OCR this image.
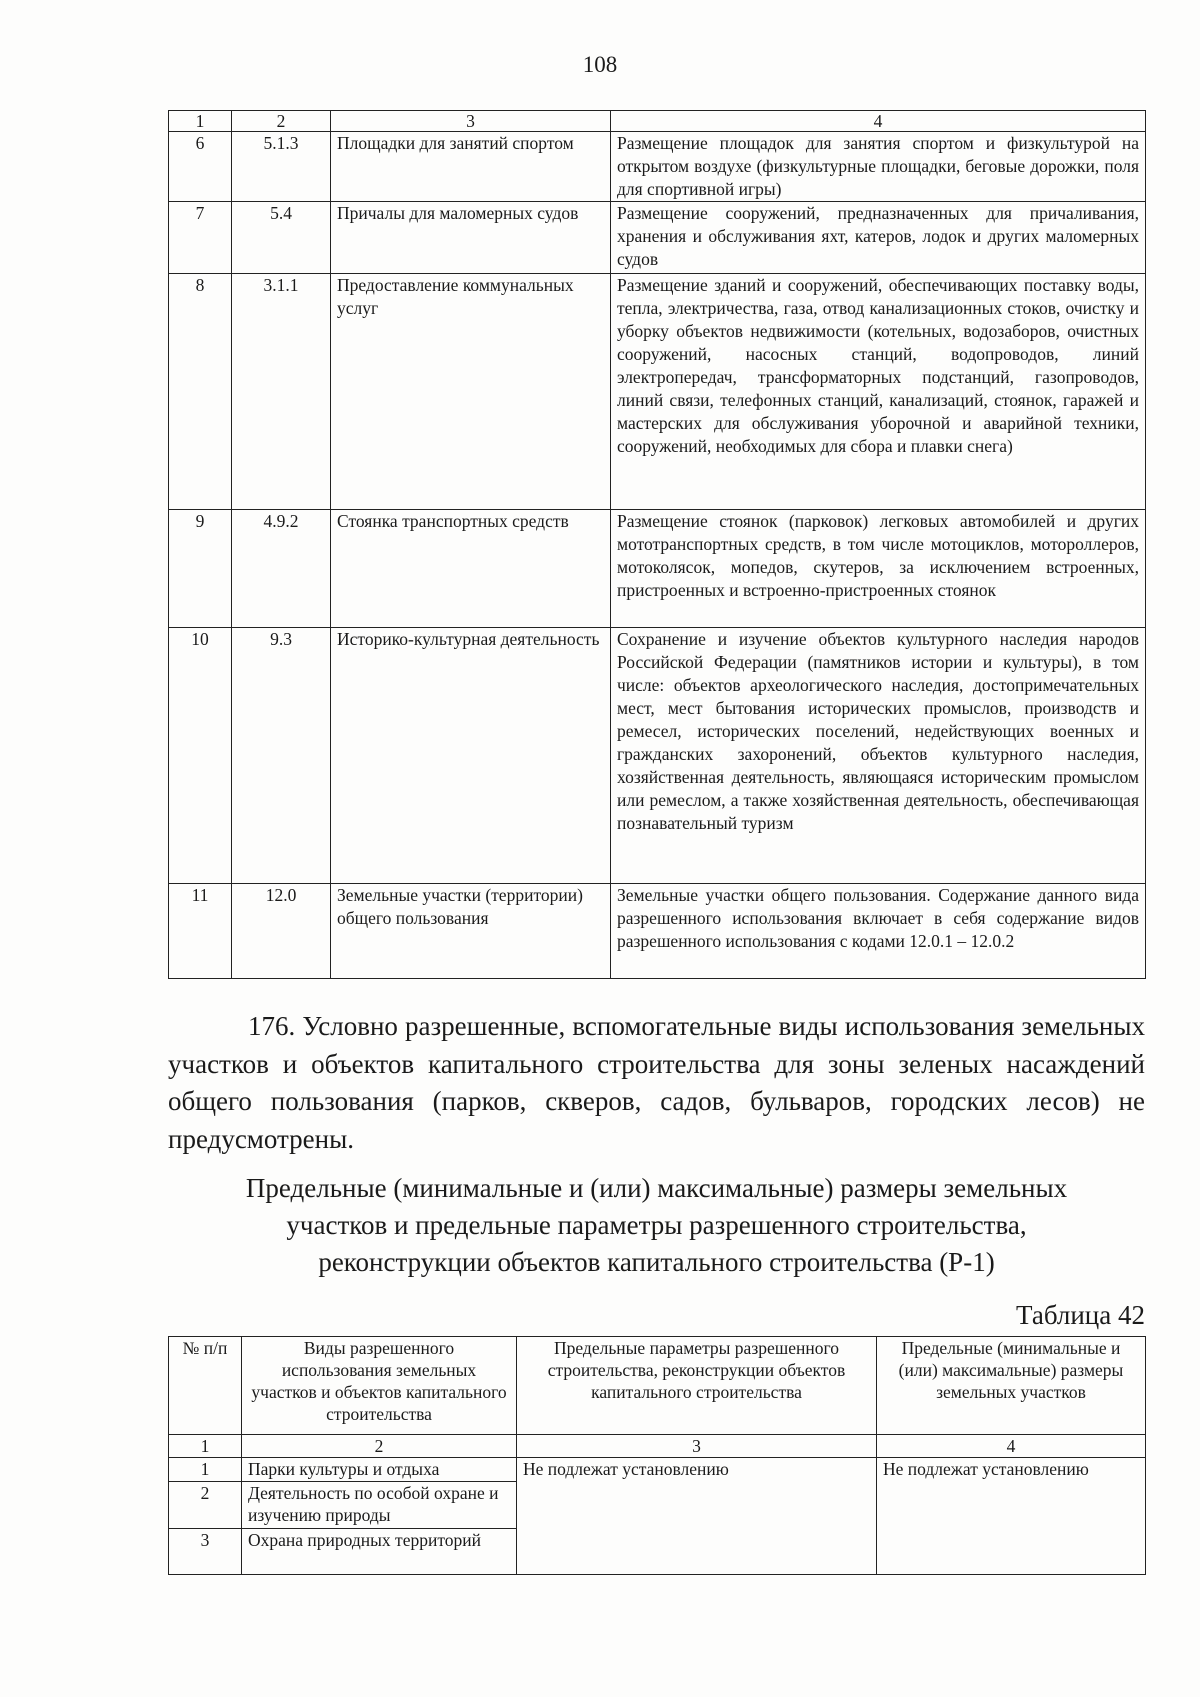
108
1	2	3	4
6	5.1.3	Площадки для занятий спортом	Размещение площадок для занятия спортом и физкультурой на открытом воздухе (физкультурные площадки, беговые дорожки, поля для спортивной игры)
7	5.4	Причалы для маломерных судов	Размещение сооружений, предназначенных для причаливания, хранения и обслуживания яхт, катеров, лодок и других маломерных судов
8	3.1.1	Предоставление коммунальных услуг	Размещение зданий и сооружений, обеспечивающих поставку воды, тепла, электричества, газа, отвод канализационных стоков, очистку и уборку объектов недвижимости (котельных, водозаборов, очистных сооружений, насосных станций, водопроводов, линий электропередач, трансформаторных подстанций, газопроводов, линий связи, телефонных станций, канализаций, стоянок, гаражей и мастерских для обслуживания уборочной и аварийной техники, сооружений, необходимых для сбора и плавки снега)
9	4.9.2	Стоянка транспортных средств	Размещение стоянок (парковок) легковых автомобилей и других мототранспортных средств, в том числе мотоциклов, мотороллеров, мотоколясок, мопедов, скутеров, за исключением встроенных, пристроенных и встроенно-пристроенных стоянок
10	9.3	Историко-культурная деятельность	Сохранение и изучение объектов культурного наследия народов Российской Федерации (памятников истории и культуры), в том числе: объектов археологического наследия, достопримечательных мест, мест бытования исторических промыслов, производств и ремесел, исторических поселений, недействующих военных и гражданских захоронений, объектов культурного наследия, хозяйственная деятельность, являющаяся историческим промыслом или ремеслом, а также хозяйственная деятельность, обеспечивающая познавательный туризм
11	12.0	Земельные участки (территории) общего пользования	Земельные участки общего пользования. Содержание данного вида разрешенного использования включает в себя содержание видов разрешенного использования с кодами 12.0.1 – 12.0.2

176. Условно разрешенные, вспомогательные виды использования земельных участков и объектов капитального строительства для зоны зеленых насаждений общего пользования (парков, скверов, садов, бульваров, городских лесов) не предусмотрены.

Предельные (минимальные и (или) максимальные) размеры земельных
участков и предельные параметры разрешенного строительства,
реконструкции объектов капитального строительства (Р-1)
Таблица 42
№ п/п	Виды разрешенного использования земельных участков и объектов капитального строительства	Предельные параметры разрешенного строительства, реконструкции объектов капитального строительства	Предельные (минимальные и (или) максимальные) размеры земельных участков
1	2	3	4
1	Парки культуры и отдыха	Не подлежат установлению	Не подлежат установлению
2	Деятельность по особой охране и изучению природы		
3	Охрана природных территорий		
